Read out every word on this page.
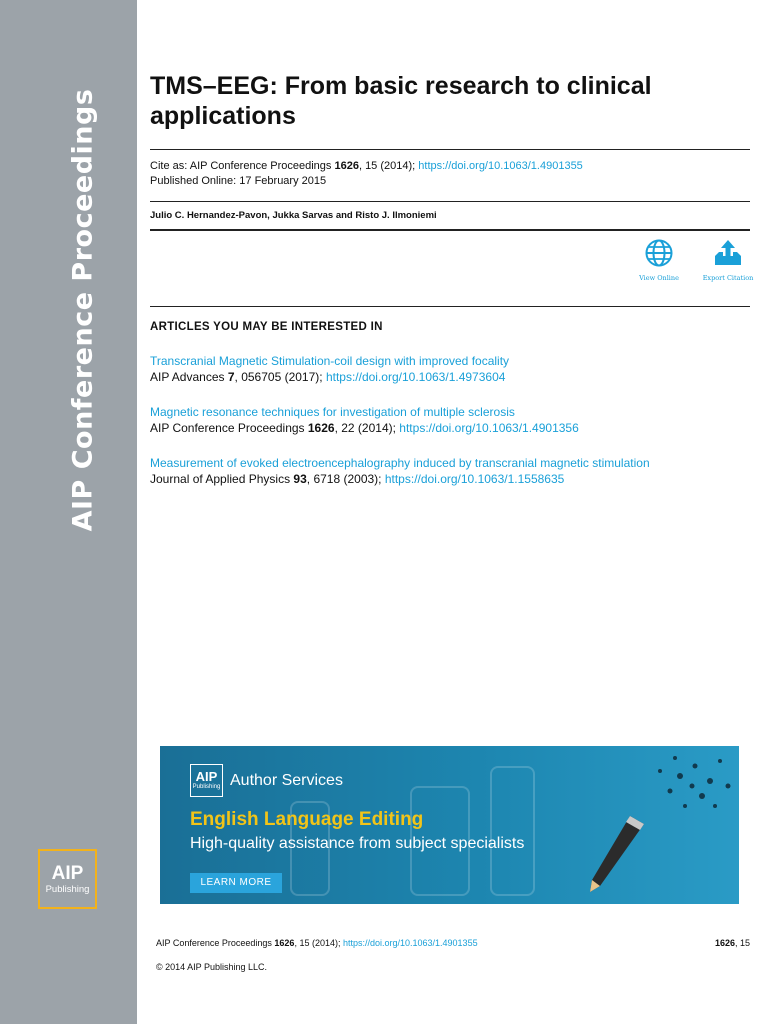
AIP Conference Proceedings
AIP
Publishing
TMS–EEG: From basic research to clinical applications
Cite as: AIP Conference Proceedings 1626, 15 (2014); https://doi.org/10.1063/1.4901355
Published Online: 17 February 2015
Julio C. Hernandez-Pavon, Jukka Sarvas and Risto J. Ilmoniemi
View Online	Export Citation
ARTICLES YOU MAY BE INTERESTED IN
Transcranial Magnetic Stimulation-coil design with improved focality
AIP Advances 7, 056705 (2017); https://doi.org/10.1063/1.4973604
Magnetic resonance techniques for investigation of multiple sclerosis
AIP Conference Proceedings 1626, 22 (2014); https://doi.org/10.1063/1.4901356
Measurement of evoked electroencephalography induced by transcranial magnetic stimulation
Journal of Applied Physics 93, 6718 (2003); https://doi.org/10.1063/1.1558635
AIP
Publishing Author Services
English Language Editing
High-quality assistance from subject specialists
LEARN MORE
AIP Conference Proceedings 1626, 15 (2014); https://doi.org/10.1063/1.4901355	1626, 15
© 2014 AIP Publishing LLC.
